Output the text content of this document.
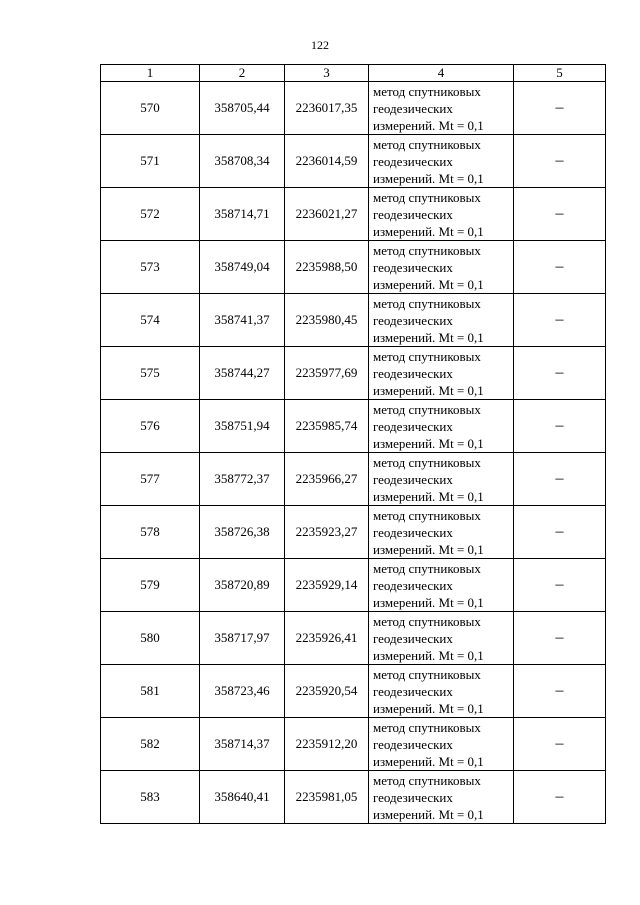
122
1	2	3	4	5
570	358705,44	2236017,35	метод спутниковых
геодезических
измерений. Mt = 0,1	–
571	358708,34	2236014,59	метод спутниковых
геодезических
измерений. Mt = 0,1	–
572	358714,71	2236021,27	метод спутниковых
геодезических
измерений. Mt = 0,1	–
573	358749,04	2235988,50	метод спутниковых
геодезических
измерений. Mt = 0,1	–
574	358741,37	2235980,45	метод спутниковых
геодезических
измерений. Mt = 0,1	–
575	358744,27	2235977,69	метод спутниковых
геодезических
измерений. Mt = 0,1	–
576	358751,94	2235985,74	метод спутниковых
геодезических
измерений. Mt = 0,1	–
577	358772,37	2235966,27	метод спутниковых
геодезических
измерений. Mt = 0,1	–
578	358726,38	2235923,27	метод спутниковых
геодезических
измерений. Mt = 0,1	–
579	358720,89	2235929,14	метод спутниковых
геодезических
измерений. Mt = 0,1	–
580	358717,97	2235926,41	метод спутниковых
геодезических
измерений. Mt = 0,1	–
581	358723,46	2235920,54	метод спутниковых
геодезических
измерений. Mt = 0,1	–
582	358714,37	2235912,20	метод спутниковых
геодезических
измерений. Mt = 0,1	–
583	358640,41	2235981,05	метод спутниковых
геодезических
измерений. Mt = 0,1	–
